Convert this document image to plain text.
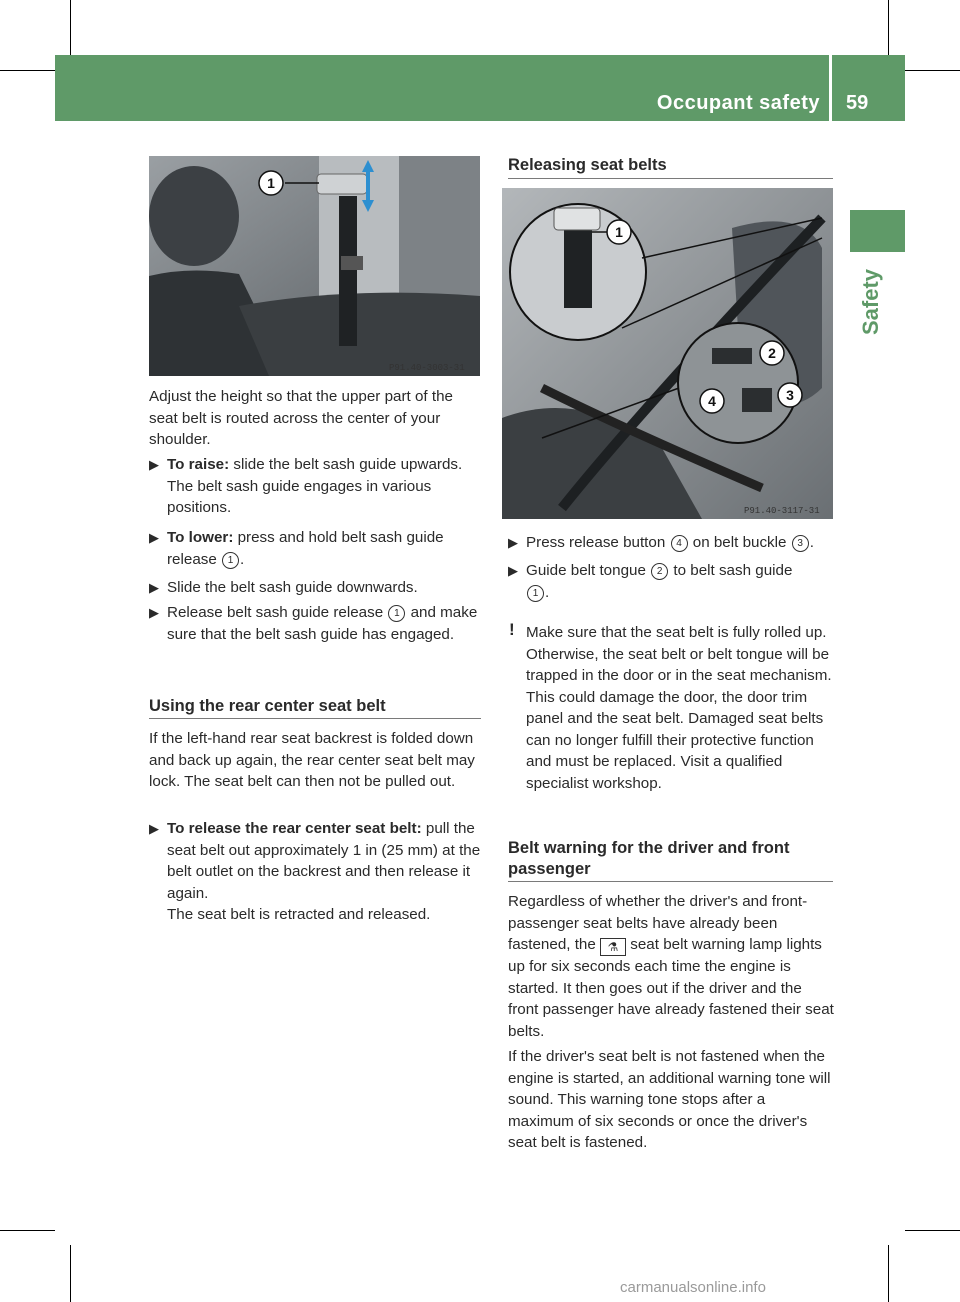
Occupant safety 59
Safety
1
P91.40-3003-31
Adjust the height so that the upper part of the seat belt is routed across the center of your shoulder.
▶ To raise: slide the belt sash guide upwards. The belt sash guide engages in various positions.
▶ To lower: press and hold belt sash guide release 1 .
▶ Slide the belt sash guide downwards.
▶ Release belt sash guide release 1 and make sure that the belt sash guide has engaged.
Using the rear center seat belt
If the left-hand rear seat backrest is folded down and back up again, the rear center seat belt may lock. The seat belt can then not be pulled out.
▶ To release the rear center seat belt: pull the seat belt out approximately 1 in (25 mm) at the belt outlet on the backrest and then release it again.
The seat belt is retracted and released.
Releasing seat belts
1
2
3
4
P91.40-3117-31
▶ Press release button 4 on belt buckle 3 .
▶ Guide belt tongue 2 to belt sash guide 1 .
! Make sure that the seat belt is fully rolled up. Otherwise, the seat belt or belt tongue will be trapped in the door or in the seat mechanism. This could damage the door, the door trim panel and the seat belt. Damaged seat belts can no longer fulfill their protective function and must be replaced. Visit a qualified specialist workshop.
Belt warning for the driver and front passenger
Regardless of whether the driver's and front-passenger seat belts have already been fastened, the ⚗ seat belt warning lamp lights up for six seconds each time the engine is started. It then goes out if the driver and the front passenger have already fastened their seat belts.
If the driver's seat belt is not fastened when the engine is started, an additional warning tone will sound. This warning tone stops after a maximum of six seconds or once the driver's seat belt is fastened.
carmanualsonline.info
